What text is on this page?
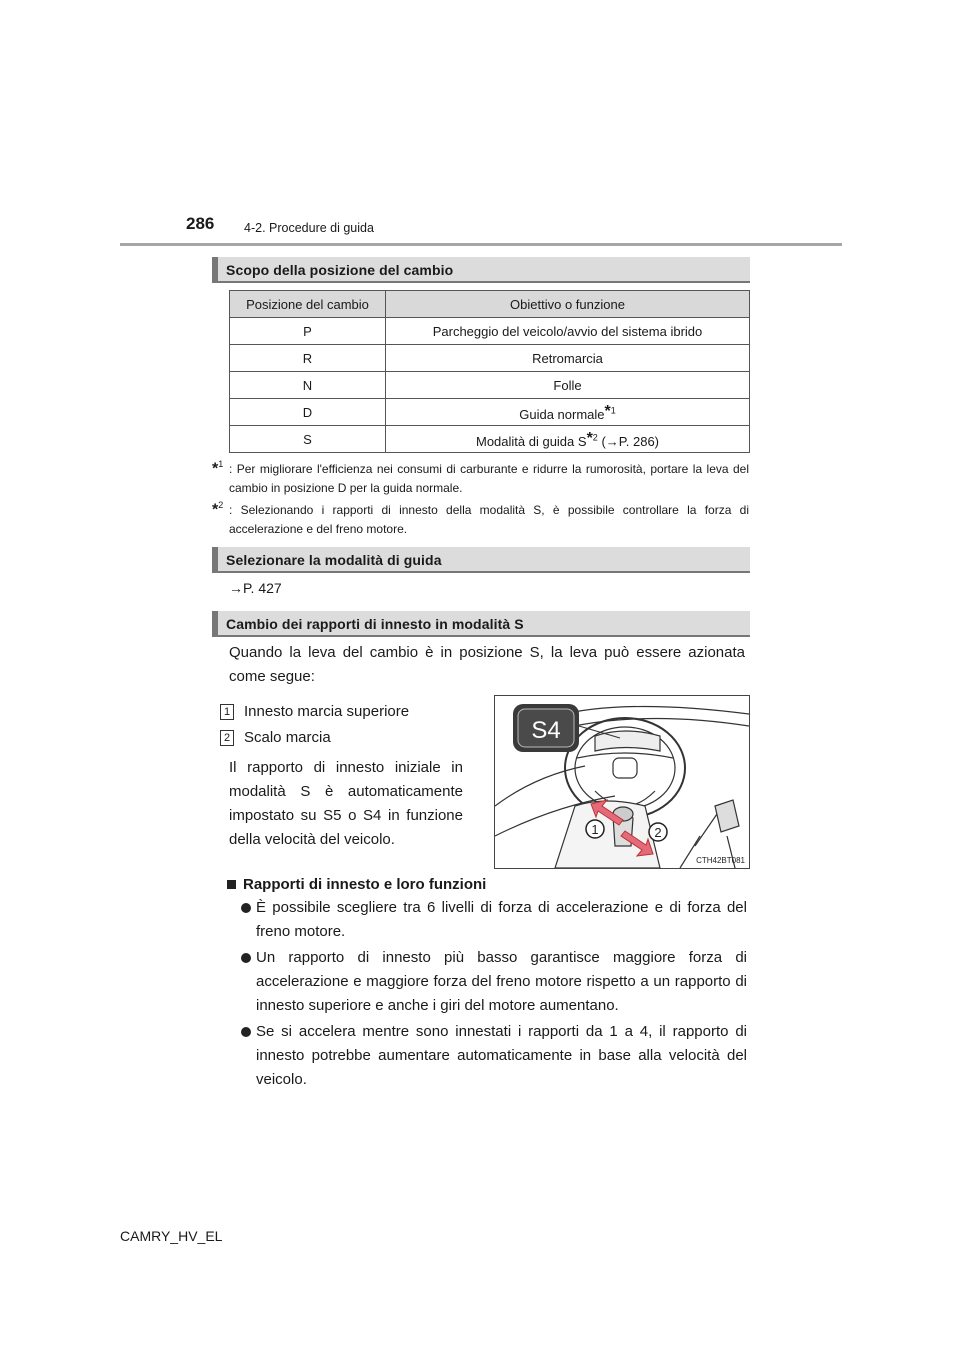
286 4-2. Procedure di guida
Scopo della posizione del cambio
Posizione del cambio	Obiettivo o funzione
P	Parcheggio del veicolo/avvio del sistema ibrido
R	Retromarcia
N	Folle
D	Guida normale*$^1$
S	Modalità di guida S*$^2$ (→P. 286)
*$^1$ : Per migliorare l'efficienza nei consumi di carburante e ridurre la rumorosità, portare la leva del cambio in posizione D per la guida normale.
*$^2$ : Selezionando i rapporti di innesto della modalità S, è possibile controllare la forza di accelerazione e del freno motore.
Selezionare la modalità di guida
→P. 427
Cambio dei rapporti di innesto in modalità S
Quando la leva del cambio è in posizione S, la leva può essere azionata come segue:
1 Innesto marcia superiore
2 Scalo marcia
Il rapporto di innesto iniziale in modalità S è automaticamente impostato su S5 o S4 in funzione della velocità del veicolo.
S4
1	2
CTH42BT081
Rapporti di innesto e loro funzioni
È possibile scegliere tra 6 livelli di forza di accelerazione e di forza del freno motore.
Un rapporto di innesto più basso garantisce maggiore forza di accelerazione e maggiore forza del freno motore rispetto a un rapporto di innesto superiore e anche i giri del motore aumentano.
Se si accelera mentre sono innestati i rapporti da 1 a 4, il rapporto di innesto potrebbe aumentare automaticamente in base alla velocità del veicolo.
CAMRY_HV_EL
